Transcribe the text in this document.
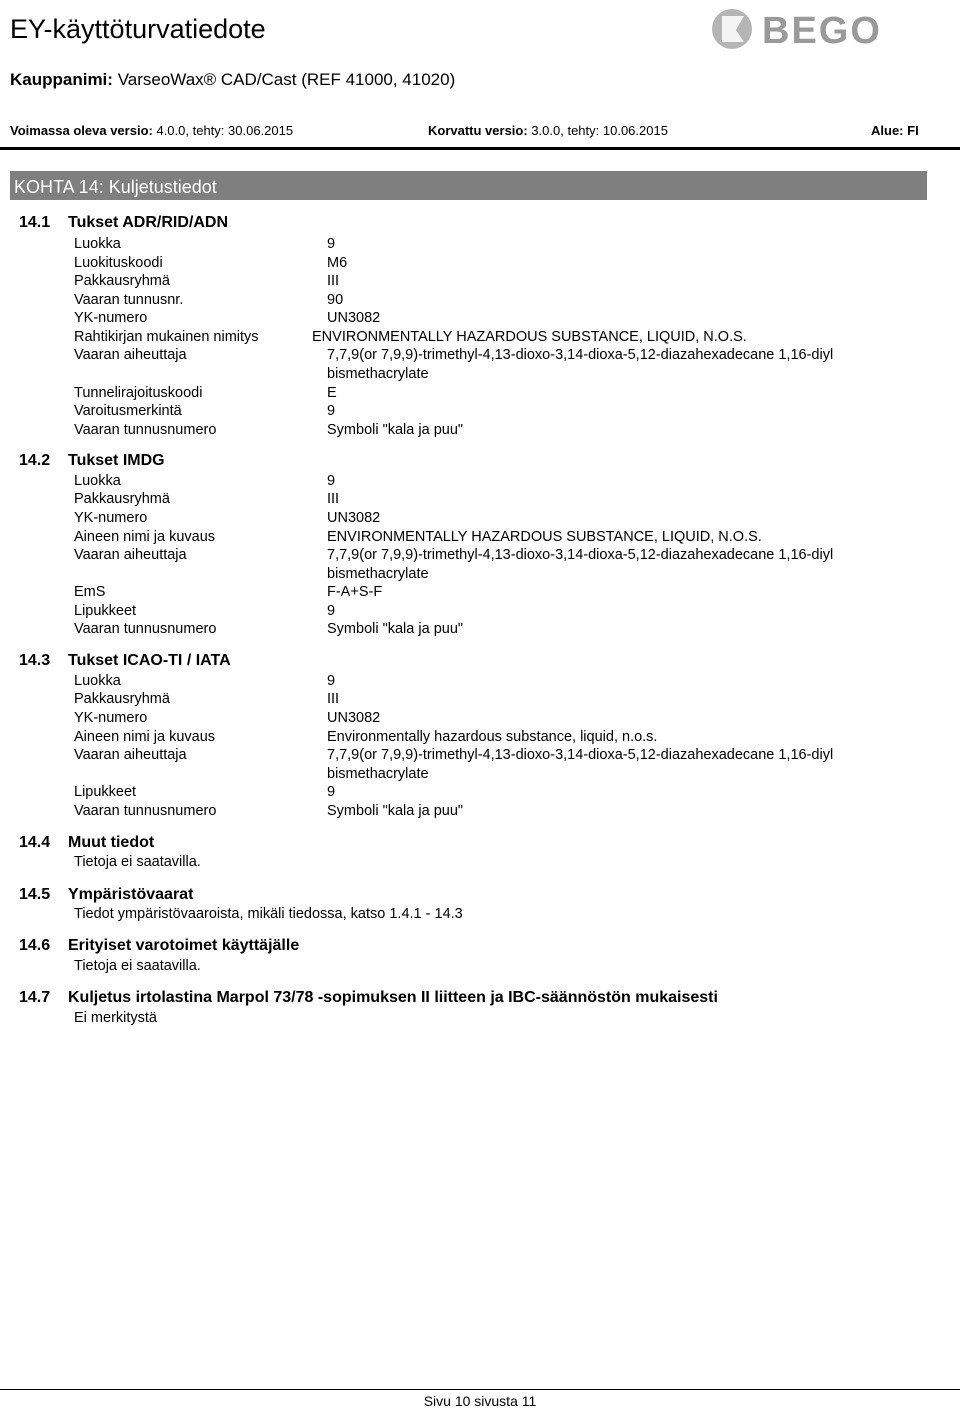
EY-käyttöturvatiedote	BEGO
Kauppanimi: VarseoWax® CAD/Cast (REF 41000, 41020)
Voimassa oleva versio: 4.0.0, tehty: 30.06.2015	Korvattu versio: 3.0.0, tehty: 10.06.2015	Alue: FI
KOHTA 14: Kuljetustiedot
14.1 Tukset ADR/RID/ADN
Luokka	9
Luokituskoodi	M6
Pakkausryhmä	III
Vaaran tunnusnr.	90
YK-numero	UN3082
Rahtikirjan mukainen nimitys	ENVIRONMENTALLY HAZARDOUS SUBSTANCE, LIQUID, N.O.S.
Vaaran aiheuttaja	7,7,9(or 7,9,9)-trimethyl-4,13-dioxo-3,14-dioxa-5,12-diazahexadecane 1,16-diyl bismethacrylate
Tunnelirajoituskoodi	E
Varoitusmerkintä	9
Vaaran tunnusnumero	Symboli "kala ja puu"
14.2 Tukset IMDG
Luokka	9
Pakkausryhmä	III
YK-numero	UN3082
Aineen nimi ja kuvaus	ENVIRONMENTALLY HAZARDOUS SUBSTANCE, LIQUID, N.O.S.
Vaaran aiheuttaja	7,7,9(or 7,9,9)-trimethyl-4,13-dioxo-3,14-dioxa-5,12-diazahexadecane 1,16-diyl bismethacrylate
EmS	F-A+S-F
Lipukkeet	9
Vaaran tunnusnumero	Symboli "kala ja puu"
14.3 Tukset ICAO-TI / IATA
Luokka	9
Pakkausryhmä	III
YK-numero	UN3082
Aineen nimi ja kuvaus	Environmentally hazardous substance, liquid, n.o.s.
Vaaran aiheuttaja	7,7,9(or 7,9,9)-trimethyl-4,13-dioxo-3,14-dioxa-5,12-diazahexadecane 1,16-diyl bismethacrylate
Lipukkeet	9
Vaaran tunnusnumero	Symboli "kala ja puu"
14.4 Muut tiedot
Tietoja ei saatavilla.
14.5 Ympäristövaarat
Tiedot ympäristövaaroista, mikäli tiedossa, katso 1.4.1 - 14.3
14.6 Erityiset varotoimet käyttäjälle
Tietoja ei saatavilla.
14.7 Kuljetus irtolastina Marpol 73/78 -sopimuksen II liitteen ja IBC-säännöstön mukaisesti
Ei merkitystä
Sivu 10 sivusta 11
